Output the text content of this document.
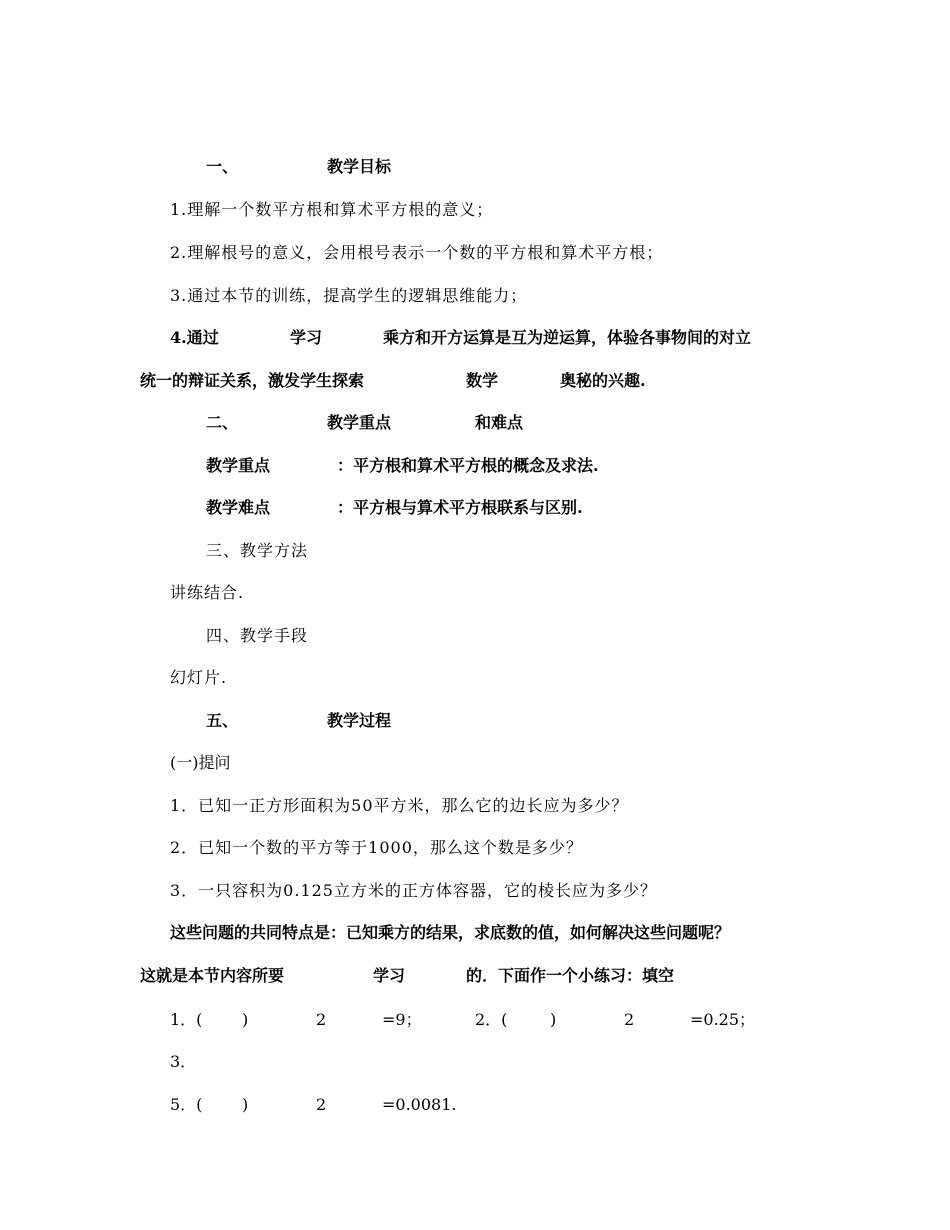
一、	教学目标
1.理解一个数平方根和算术平方根的意义；
2.理解根号的意义，会用根号表示一个数的平方根和算术平方根；
3.通过本节的训练，提高学生的逻辑思维能力；
4.通过	学习	乘方和开方运算是互为逆运算，体验各事物间的对立
统一的辩证关系，激发学生探索	数学	奥秘的兴趣.
二、	教学重点	和难点
教学重点	：平方根和算术平方根的概念及求法.
教学难点	：平方根与算术平方根联系与区别.
三、教学方法
讲练结合.
四、教学手段
幻灯片.
五、	教学过程
(一)提问
1．已知一正方形面积为50平方米，那么它的边长应为多少？
2．已知一个数的平方等于1000，那么这个数是多少？
3．一只容积为0.125立方米的正方体容器，它的棱长应为多少？
这些问题的共同特点是：已知乘方的结果，求底数的值，如何解决这些问题呢？
这就是本节内容所要	学习	的．下面作一个小练习：填空
1．( )	2	=9；	2．(	)	2	=0.25；
3．
5．( )	2	=0.0081.
